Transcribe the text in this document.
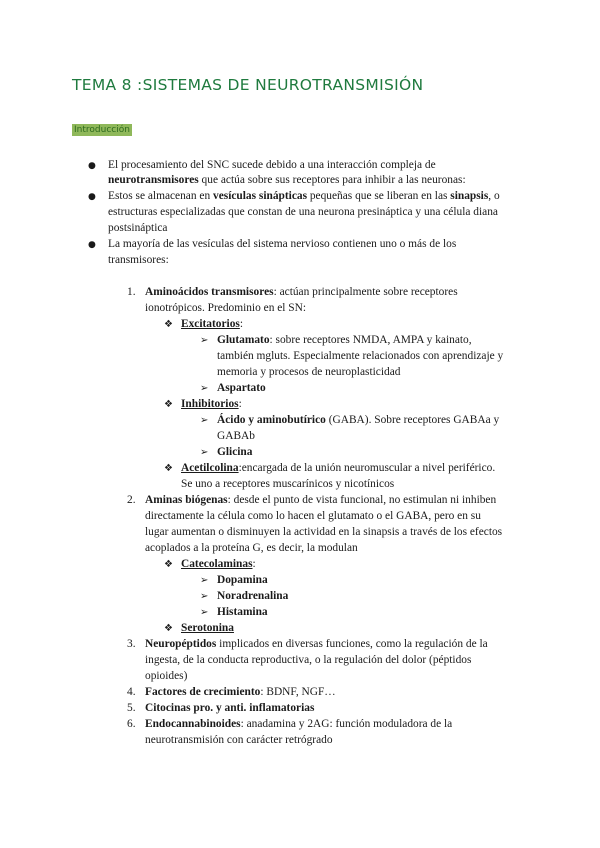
TEMA 8 :SISTEMAS DE NEUROTRANSMISIÓN
Introducción
● El procesamiento del SNC sucede debido a una interacción compleja de
neurotransmisores que actúa sobre sus receptores para inhibir a las neuronas:
● Estos se almacenan en vesículas sinápticas pequeñas que se liberan en las sinapsis, o
estructuras especializadas que constan de una neurona presináptica y una célula diana
postsináptica
● La mayoría de las vesículas del sistema nervioso contienen uno o más de los
transmisores:
1. Aminoácidos transmisores: actúan principalmente sobre receptores
ionotrópicos. Predominio en el SN:
❖ Excitatorios:
➢ Glutamato: sobre receptores NMDA, AMPA y kainato,
también mgluts. Especialmente relacionados con aprendizaje y
memoria y procesos de neuroplasticidad
➢ Aspartato
❖ Inhibitorios:
➢ Ácido y aminobutírico (GABA). Sobre receptores GABAa y
GABAb
➢ Glicina
❖ Acetilcolina:encargada de la unión neuromuscular a nivel periférico.
Se uno a receptores muscarínicos y nicotínicos
2. Aminas biógenas: desde el punto de vista funcional, no estimulan ni inhiben
directamente la célula como lo hacen el glutamato o el GABA, pero en su
lugar aumentan o disminuyen la actividad en la sinapsis a través de los efectos
acoplados a la proteína G, es decir, la modulan
❖ Catecolaminas:
➢ Dopamina
➢ Noradrenalina
➢ Histamina
❖ Serotonina
3. Neuropéptidos implicados en diversas funciones, como la regulación de la
ingesta, de la conducta reproductiva, o la regulación del dolor (péptidos
opioides)
4. Factores de crecimiento: BDNF, NGF…
5. Citocinas pro. y anti. inflamatorias
6. Endocannabinoides: anadamina y 2AG: función moduladora de la
neurotransmisión con carácter retrógrado
